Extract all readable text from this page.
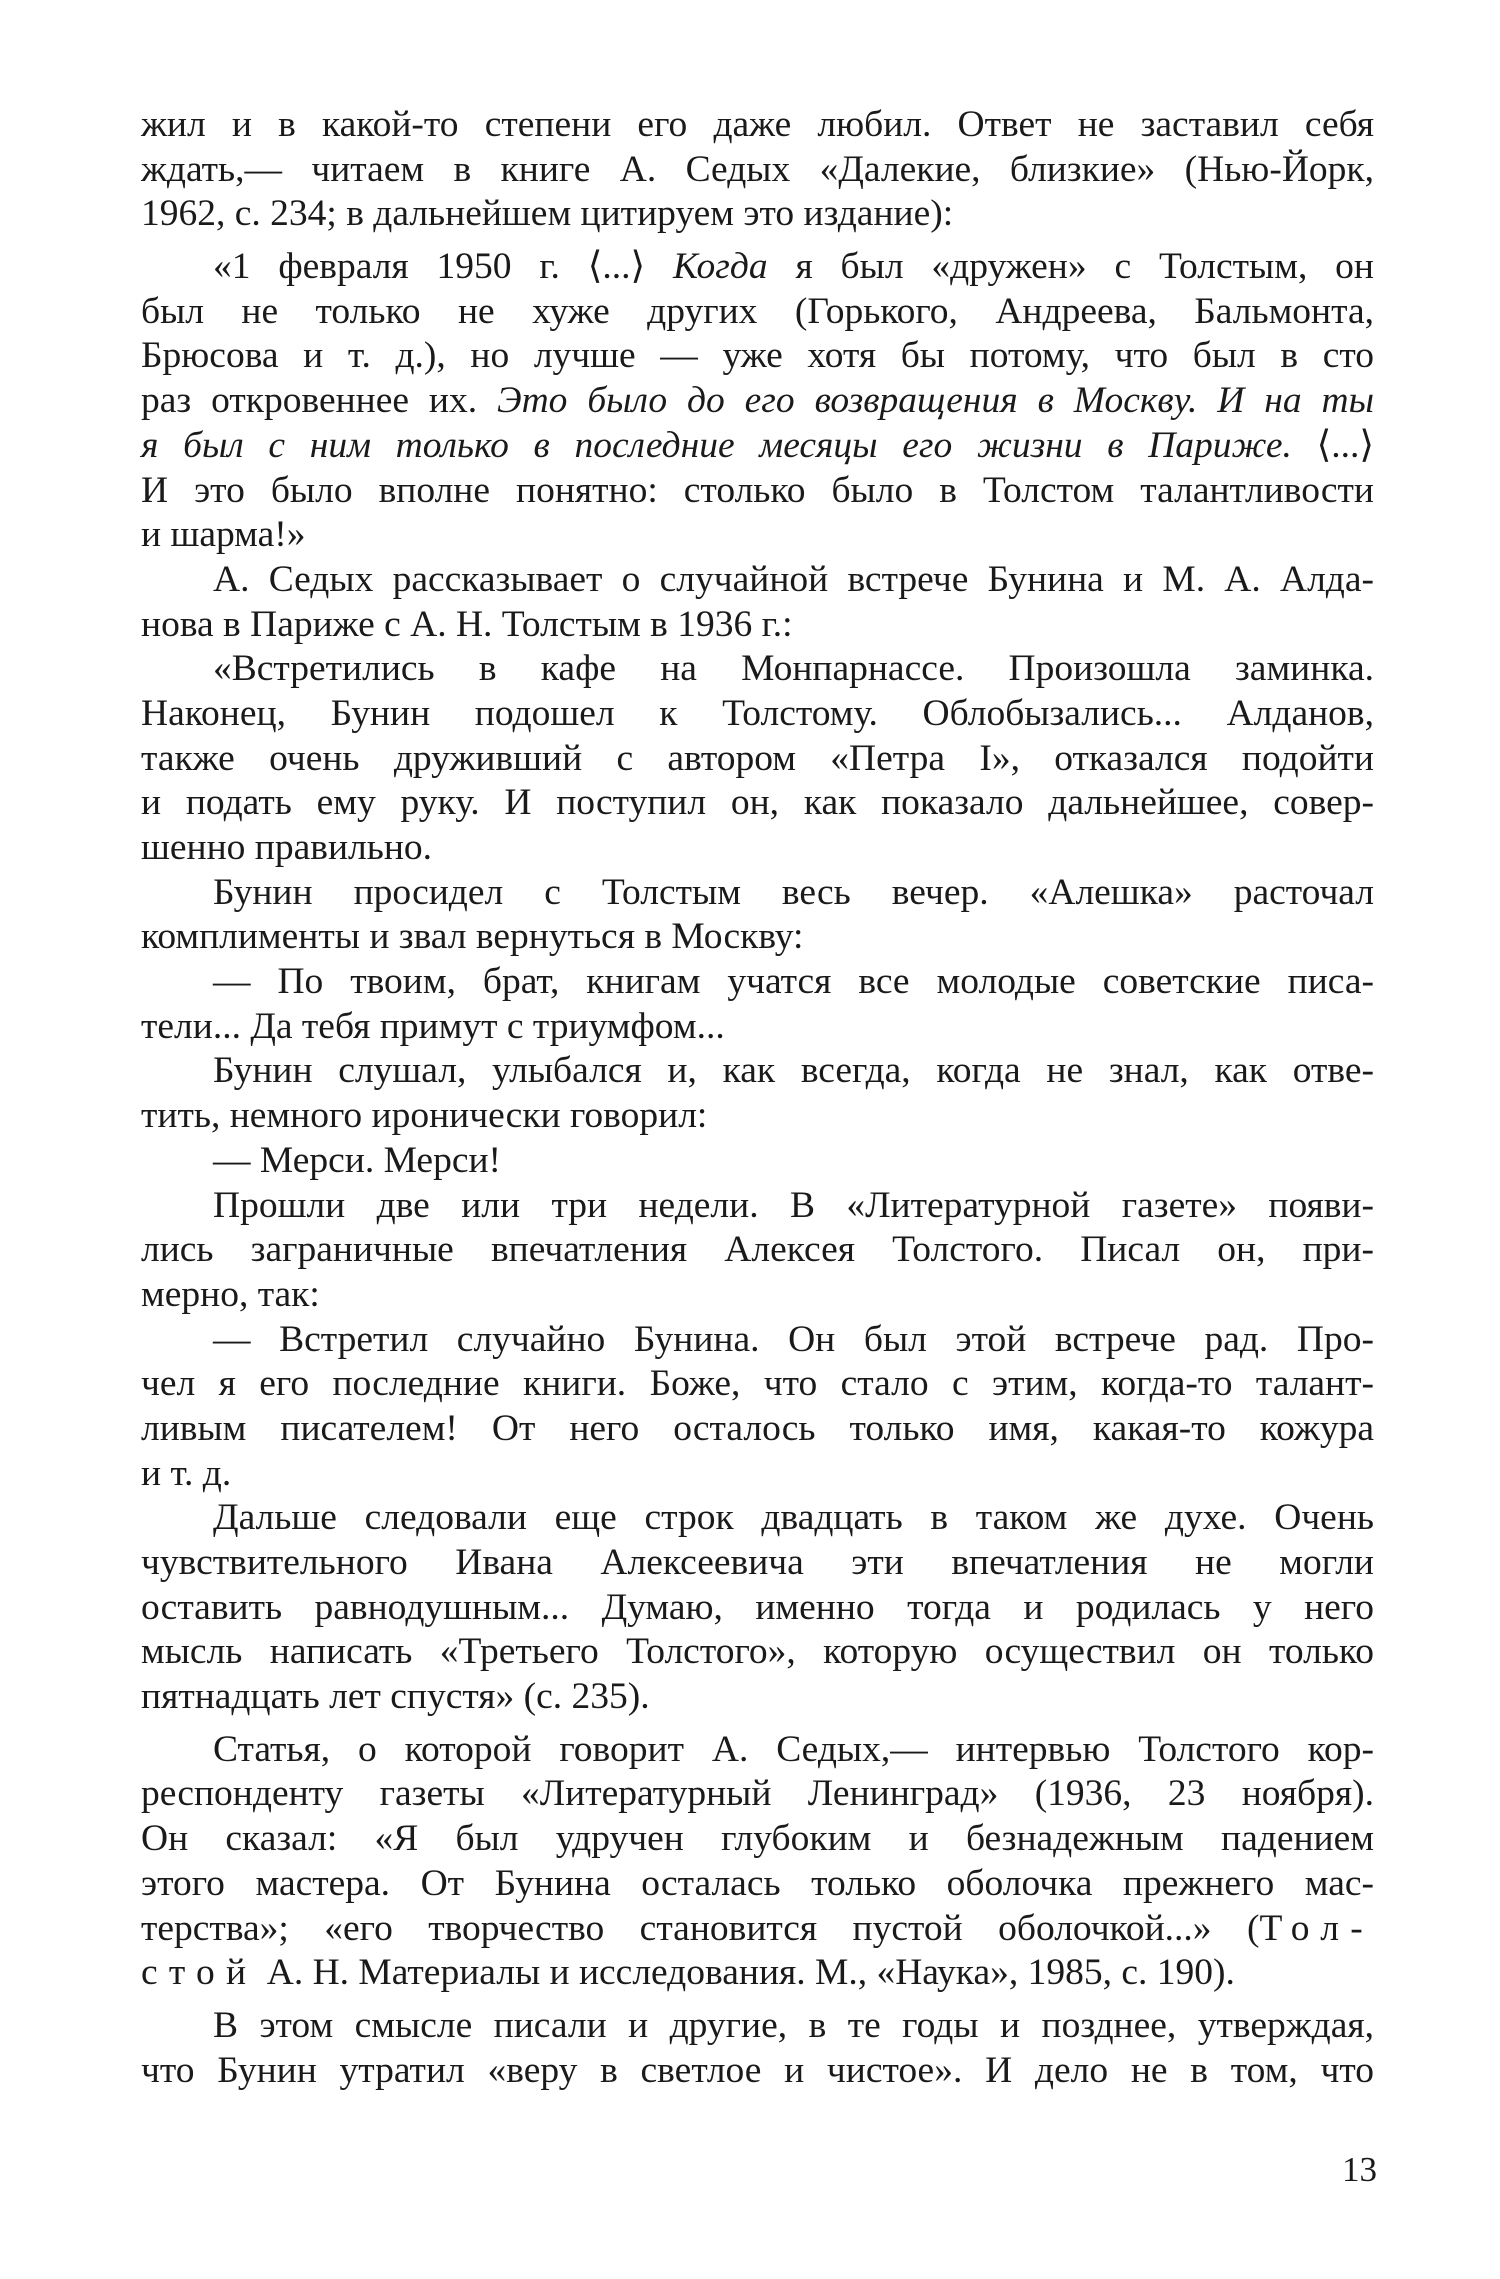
жил и в какой-то степени его даже любил. Ответ не заставил себя
ждать,— читаем в книге А. Седых «Далекие, близкие» (Нью-Йорк,
1962, с. 234; в дальнейшем цитируем это издание):
«1 февраля 1950 г. ⟨...⟩ Когда я был «дружен» с Толстым, он
был не только не хуже других (Горького, Андреева, Бальмонта,
Брюсова и т. д.), но лучше — уже хотя бы потому, что был в сто
раз откровеннее их. Это было до его возвращения в Москву. И на ты
я был с ним только в последние месяцы его жизни в Париже. ⟨...⟩
И это было вполне понятно: столько было в Толстом талантливости
и шарма!»
А. Седых рассказывает о случайной встрече Бунина и М. А. Алда-
нова в Париже с А. Н. Толстым в 1936 г.:
«Встретились в кафе на Монпарнассе. Произошла заминка.
Наконец, Бунин подошел к Толстому. Облобызались... Алданов,
также очень друживший с автором «Петра I», отказался подойти
и подать ему руку. И поступил он, как показало дальнейшее, совер-
шенно правильно.
Бунин просидел с Толстым весь вечер. «Алешка» расточал
комплименты и звал вернуться в Москву:
— По твоим, брат, книгам учатся все молодые советские писа-
тели... Да тебя примут с триумфом...
Бунин слушал, улыбался и, как всегда, когда не знал, как отве-
тить, немного иронически говорил:
— Мерси. Мерси!
Прошли две или три недели. В «Литературной газете» появи-
лись заграничные впечатления Алексея Толстого. Писал он, при-
мерно, так:
— Встретил случайно Бунина. Он был этой встрече рад. Про-
чел я его последние книги. Боже, что стало с этим, когда-то талант-
ливым писателем! От него осталось только имя, какая-то кожура
и т. д.
Дальше следовали еще строк двадцать в таком же духе. Очень
чувствительного Ивана Алексеевича эти впечатления не могли
оставить равнодушным... Думаю, именно тогда и родилась у него
мысль написать «Третьего Толстого», которую осуществил он только
пятнадцать лет спустя» (с. 235).
Статья, о которой говорит А. Седых,— интервью Толстого кор-
респонденту газеты «Литературный Ленинград» (1936, 23 ноября).
Он сказал: «Я был удручен глубоким и безнадежным падением
этого мастера. От Бунина осталась только оболочка прежнего мас-
терства»; «его творчество становится пустой оболочкой...» (Тол-
стой А. Н. Материалы и исследования. М., «Наука», 1985, с. 190).
В этом смысле писали и другие, в те годы и позднее, утверждая,
что Бунин утратил «веру в светлое и чистое». И дело не в том, что
13
